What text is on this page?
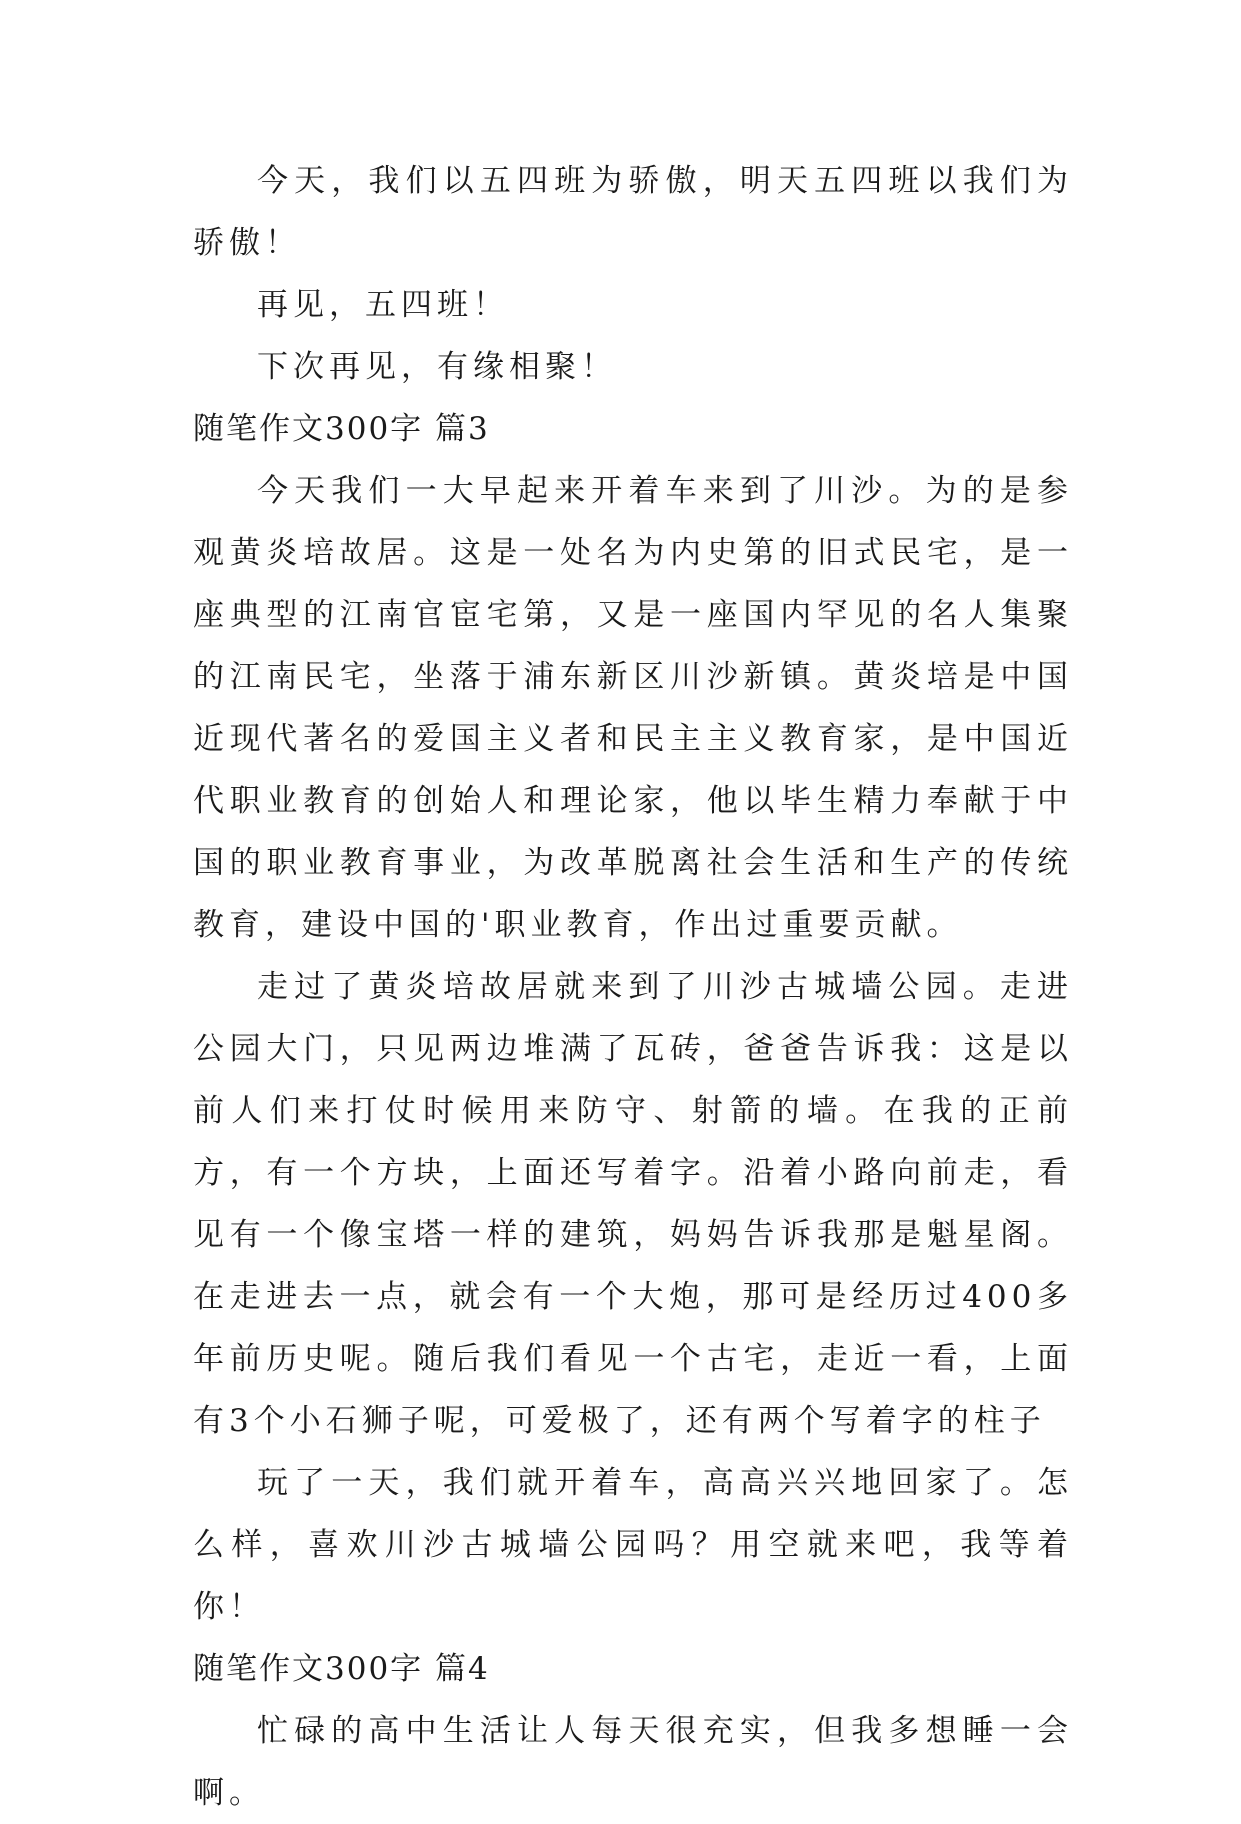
今天，我们以五四班为骄傲，明天五四班以我们为骄傲！

再见，五四班！

下次再见，有缘相聚！

随笔作文300字 篇3

今天我们一大早起来开着车来到了川沙。为的是参观黄炎培故居。这是一处名为内史第的旧式民宅，是一座典型的江南官宦宅第，又是一座国内罕见的名人集聚的江南民宅，坐落于浦东新区川沙新镇。黄炎培是中国近现代著名的爱国主义者和民主主义教育家，是中国近代职业教育的创始人和理论家，他以毕生精力奉献于中国的职业教育事业，为改革脱离社会生活和生产的传统教育，建设中国的'职业教育，作出过重要贡献。

走过了黄炎培故居就来到了川沙古城墙公园。走进公园大门，只见两边堆满了瓦砖，爸爸告诉我：这是以前人们来打仗时候用来防守、射箭的墙。在我的正前方，有一个方块，上面还写着字。沿着小路向前走，看见有一个像宝塔一样的建筑，妈妈告诉我那是魁星阁。在走进去一点，就会有一个大炮，那可是经历过400多年前历史呢。随后我们看见一个古宅，走近一看，上面有3个小石狮子呢，可爱极了，还有两个写着字的柱子

玩了一天，我们就开着车，高高兴兴地回家了。怎么样，喜欢川沙古城墙公园吗？用空就来吧，我等着你！

随笔作文300字 篇4

忙碌的高中生活让人每天很充实，但我多想睡一会啊。
